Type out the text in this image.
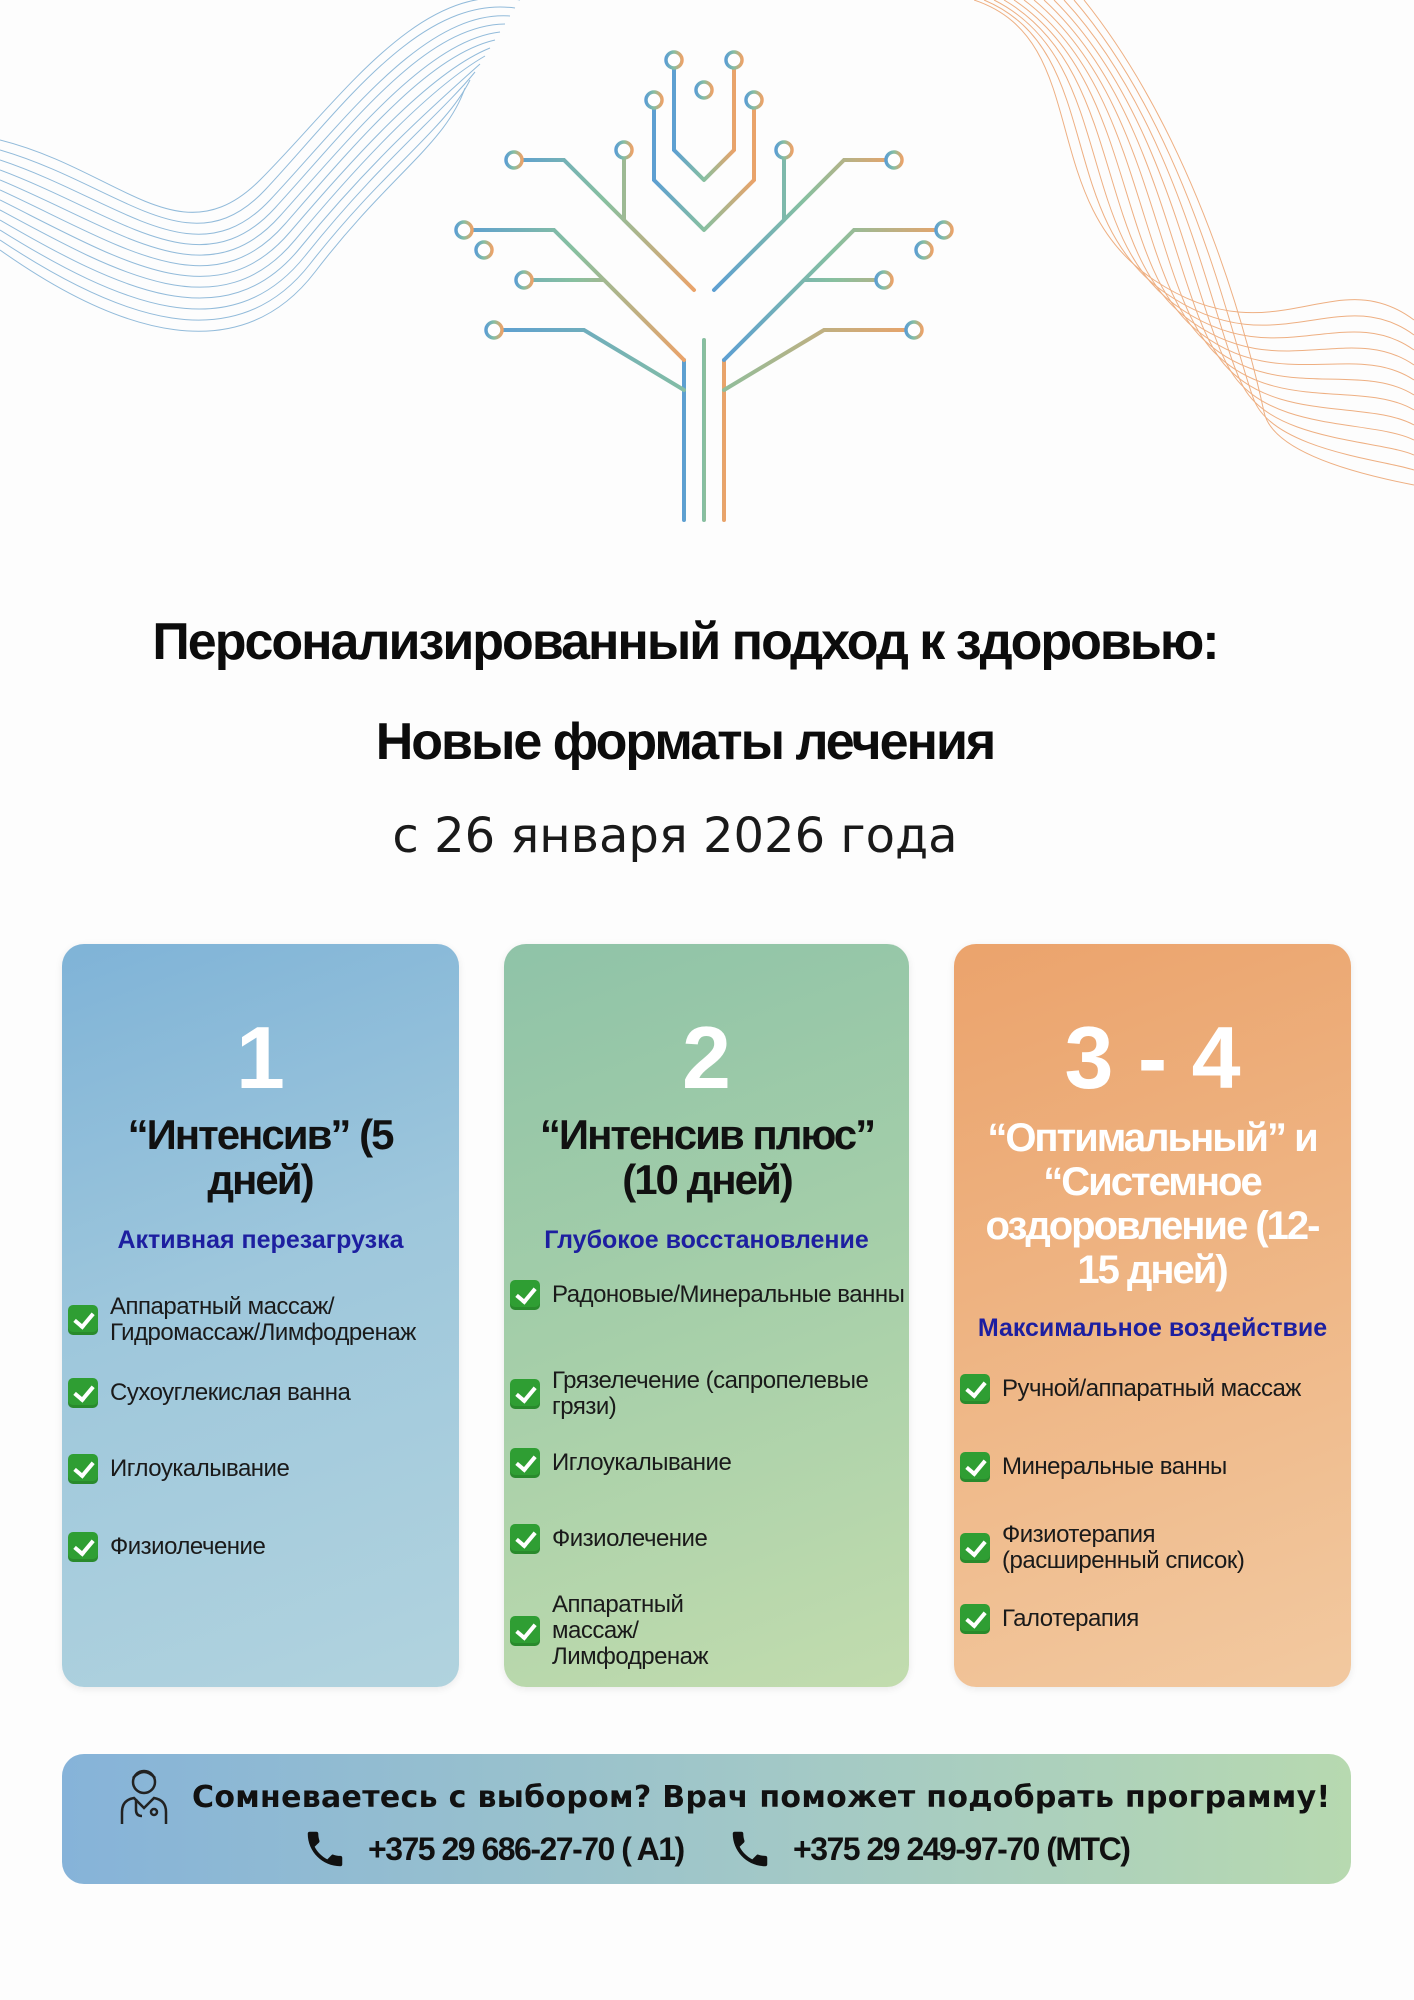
Персонализированный подход к здоровью:
Новые форматы лечения
с 26 января 2026 года
1
“Интенсив” (5 дней)
Активная перезагрузка
Аппаратный массаж/ Гидромассаж/Лимфодренаж
Сухоуглекислая ванна
Иглоукалывание
Физиолечение
2
“Интенсив плюс” (10 дней)
Глубокое восстановление
Радоновые/Минеральные ванны
Грязелечение (сапропелевые грязи)
Иглоукалывание
Физиолечение
Аппаратный массаж/ Лимфодренаж
3 - 4
“Оптимальный” и “Системное оздоровление (12-15 дней)
Максимальное воздействие
Ручной/аппаратный массаж
Минеральные ванны
Физиотерапия (расширенный список)
Галотерапия
Сомневаетесь с выбором? Врач поможет подобрать программу!
+375 29 686-27-70 ( A1)	+375 29 249-97-70 (МТС)
